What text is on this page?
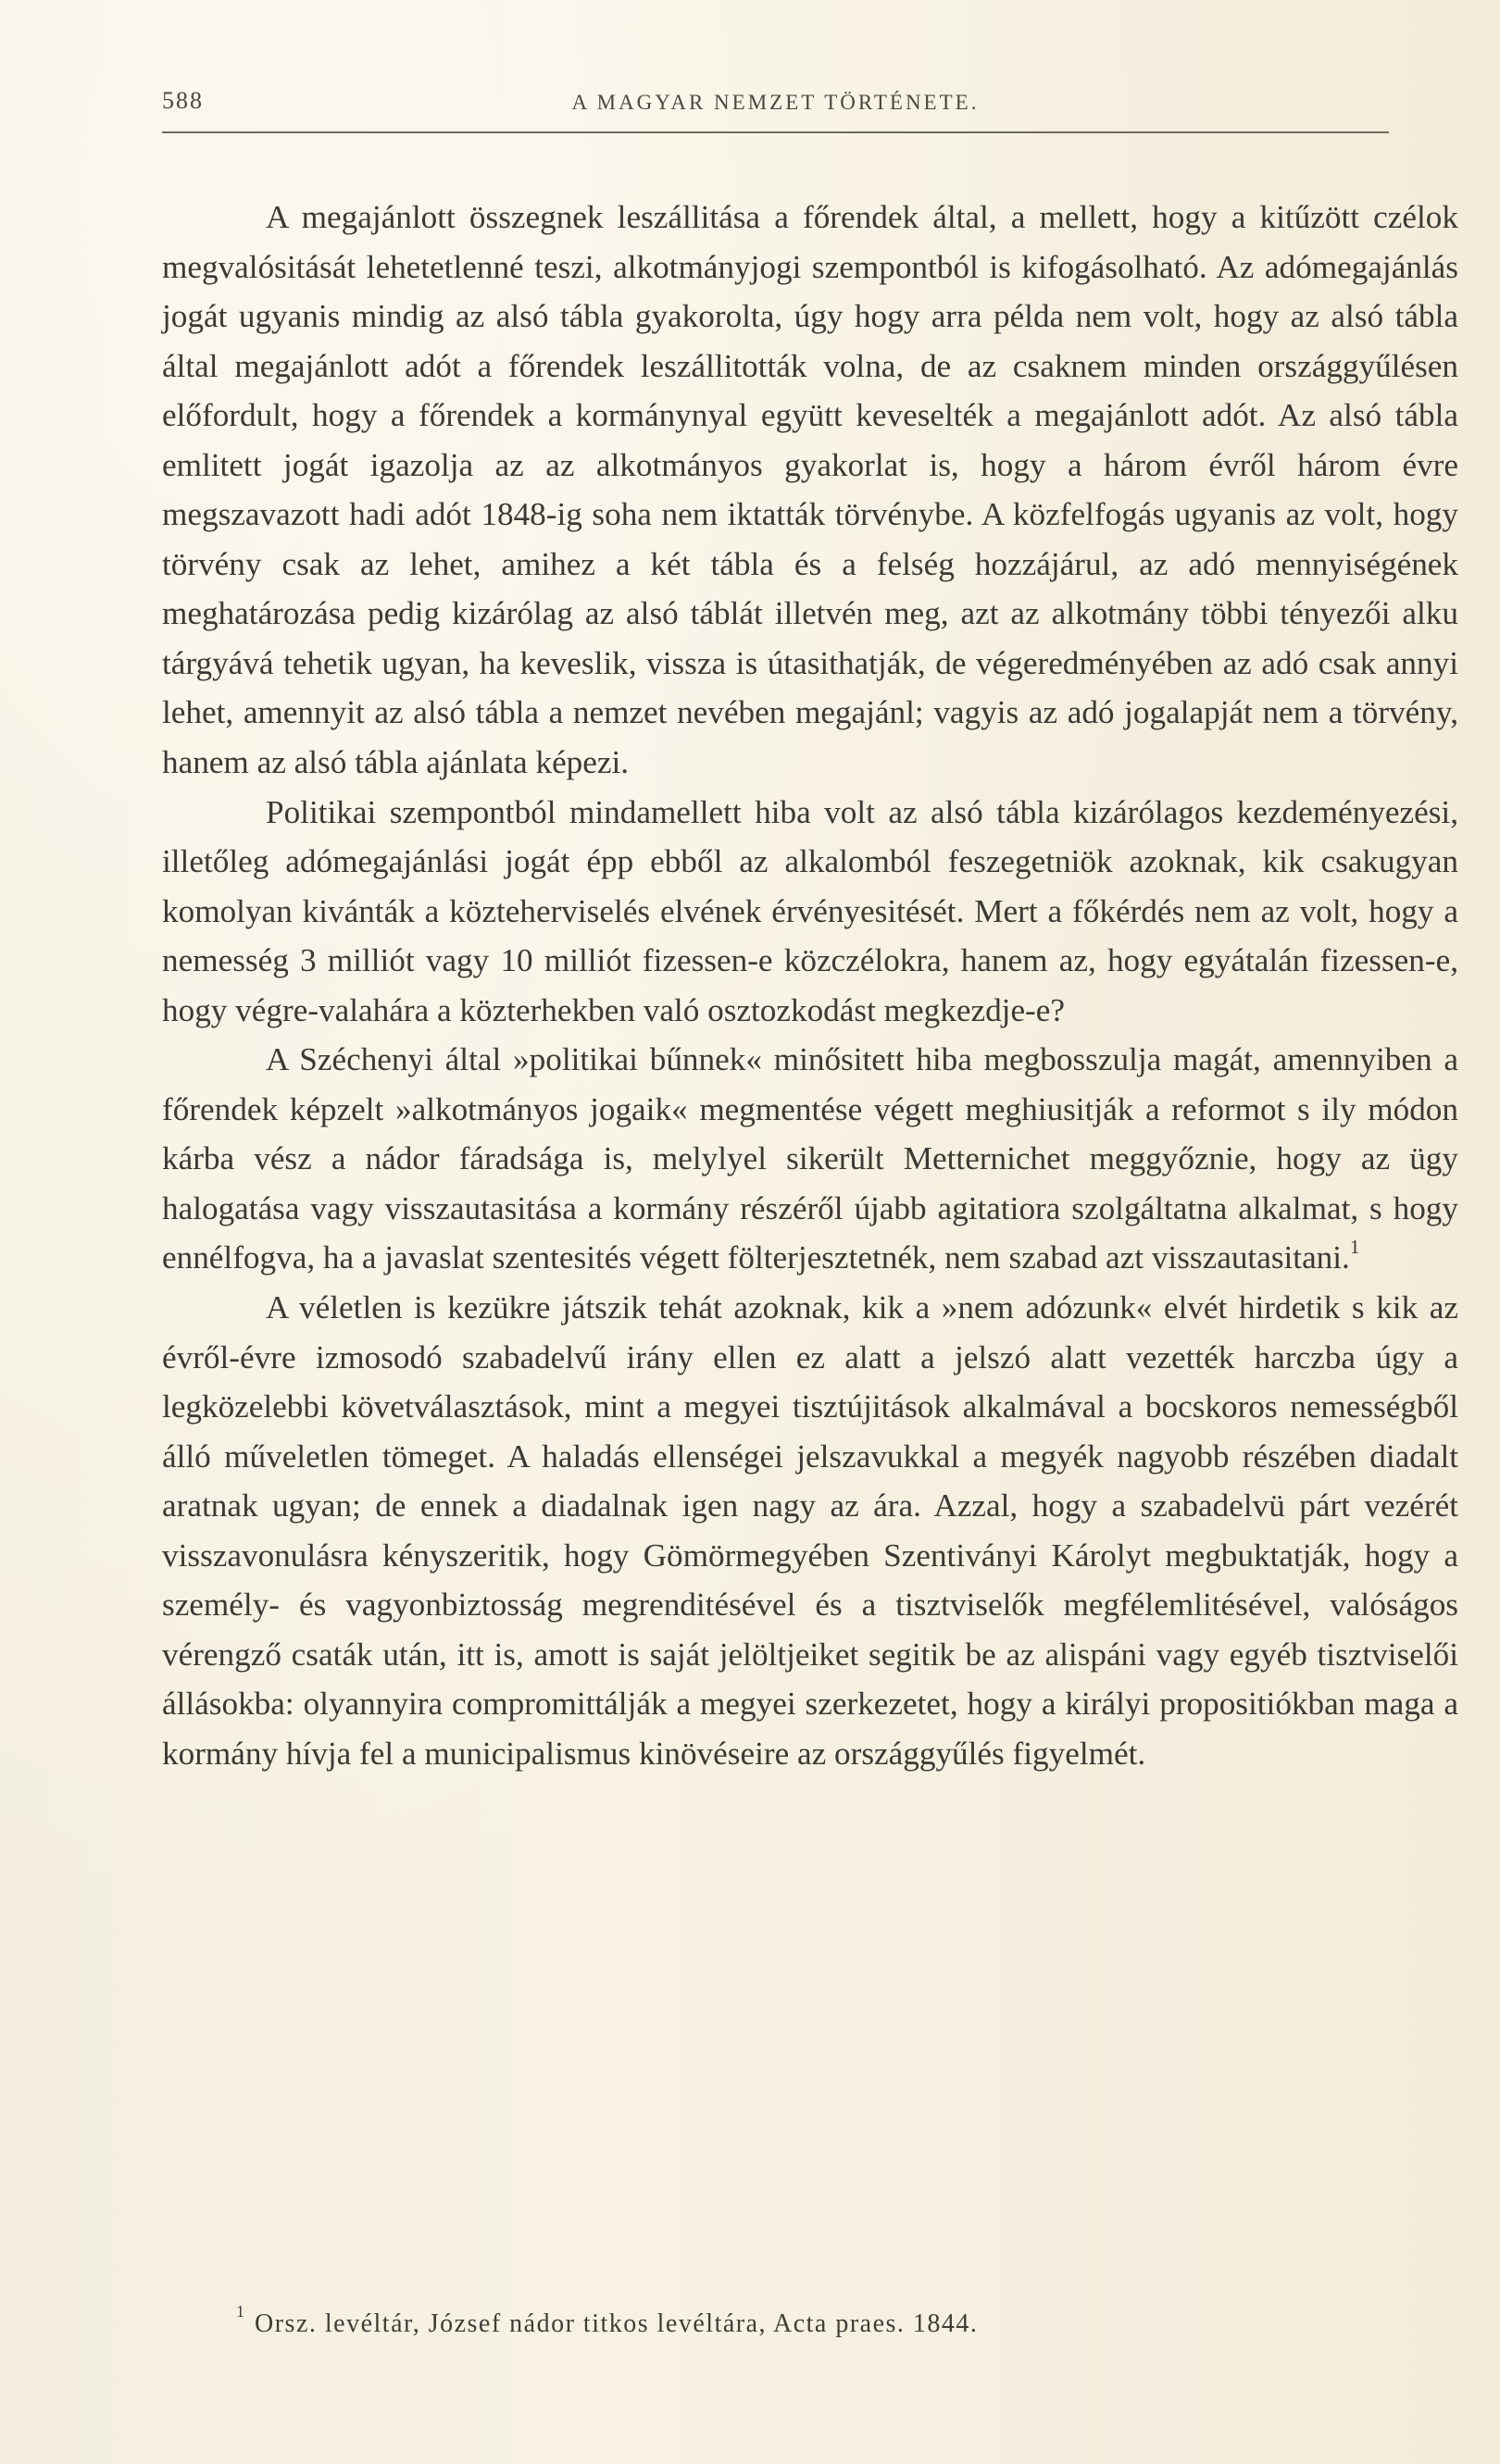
588	A MAGYAR NEMZET TÖRTÉNETE.

A megajánlott összegnek leszállitása a főrendek által, a mellett, hogy a kitűzött czélok megvalósitását lehetetlenné teszi, alkotmányjogi szempontból is kifogásolható. Az adómegajánlás jogát ugyanis mindig az alsó tábla gyakorolta, úgy hogy arra példa nem volt, hogy az alsó tábla által megajánlott adót a főrendek leszállitották volna, de az csaknem minden országgyűlésen előfordult, hogy a főrendek a kormánynyal együtt keveselték a megajánlott adót. Az alsó tábla emlitett jogát igazolja az az alkotmányos gyakorlat is, hogy a három évről három évre megszavazott hadi adót 1848-ig soha nem iktatták törvénybe. A közfelfogás ugyanis az volt, hogy törvény csak az lehet, amihez a két tábla és a felség hozzájárul, az adó mennyiségének meghatározása pedig kizárólag az alsó táblát illetvén meg, azt az alkotmány többi tényezői alku tárgyává tehetik ugyan, ha keveslik, vissza is útasithatják, de végeredményében az adó csak annyi lehet, amennyit az alsó tábla a nemzet nevében megajánl; vagyis az adó jogalapját nem a törvény, hanem az alsó tábla ajánlata képezi.

Politikai szempontból mindamellett hiba volt az alsó tábla kizárólagos kezdeményezési, illetőleg adómegajánlási jogát épp ebből az alkalomból feszegetniök azoknak, kik csakugyan komolyan kivánták a közteherviselés elvének érvényesitését. Mert a főkérdés nem az volt, hogy a nemesség 3 milliót vagy 10 milliót fizessen-e közczélokra, hanem az, hogy egyátalán fizessen-e, hogy végre-valahára a közterhekben való osztozkodást megkezdje-e?

A Széchenyi által »politikai bűnnek« minősitett hiba megbosszulja magát, amennyiben a főrendek képzelt »alkotmányos jogaik« megmentése végett meghiusitják a reformot s ily módon kárba vész a nádor fáradsága is, melylyel sikerült Metternichet meggyőznie, hogy az ügy halogatása vagy visszautasitása a kormány részéről újabb agitatiora szolgáltatna alkalmat, s hogy ennélfogva, ha a javaslat szentesités végett fölterjesztetnék, nem szabad azt visszautasitani.$^1$

A véletlen is kezükre játszik tehát azoknak, kik a »nem adózunk« elvét hirdetik s kik az évről-évre izmosodó szabadelvű irány ellen ez alatt a jelszó alatt vezették harczba úgy a legközelebbi követválasztások, mint a megyei tisztújitások alkalmával a bocskoros nemességből álló műveletlen tömeget. A haladás ellenségei jelszavukkal a megyék nagyobb részében diadalt aratnak ugyan; de ennek a diadalnak igen nagy az ára. Azzal, hogy a szabadelvü párt vezérét visszavonulásra kényszeritik, hogy Gömörmegyében Szentiványi Károlyt megbuktatják, hogy a személy- és vagyonbiztosság megrenditésével és a tisztviselők megfélemlitésével, valóságos vérengző csaták után, itt is, amott is saját jelöltjeiket segitik be az alispáni vagy egyéb tisztviselői állásokba: olyannyira compromittálják a megyei szerkezetet, hogy a királyi propositiókban maga a kormány hívja fel a municipalismus kinövéseire az országgyűlés figyelmét.

1 Orsz. levéltár, József nádor titkos levéltára, Acta praes. 1844.
